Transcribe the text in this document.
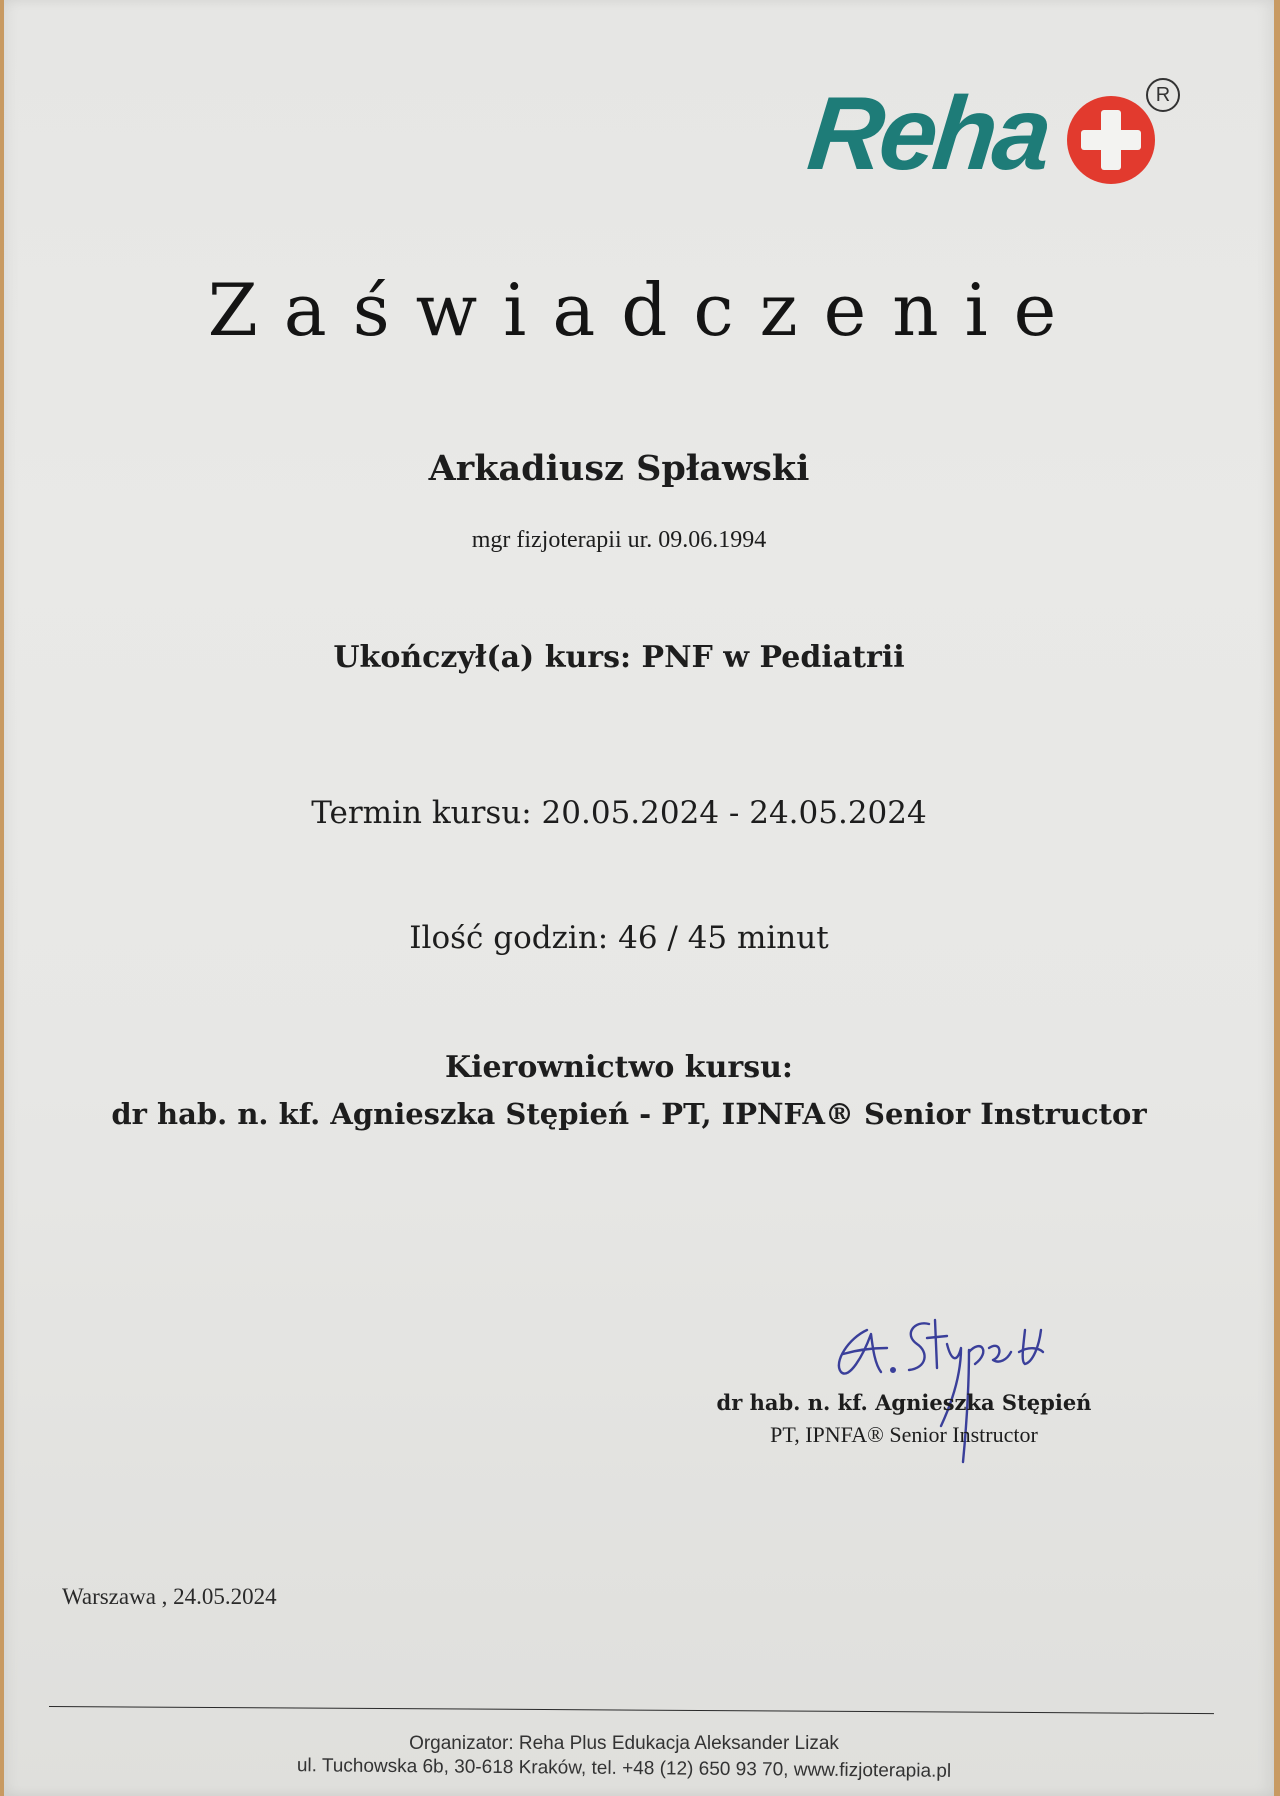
Reha	R
Zaświadczenie
Arkadiusz Spławski
mgr fizjoterapii ur. 09.06.1994
Ukończył(a) kurs: PNF w Pediatrii
Termin kursu: 20.05.2024 - 24.05.2024
Ilość godzin: 46 / 45 minut
Kierownictwo kursu:
dr hab. n. kf. Agnieszka Stępień - PT, IPNFA® Senior Instructor
dr hab. n. kf. Agnieszka Stępień
PT, IPNFA® Senior Instructor
Warszawa , 24.05.2024
Organizator: Reha Plus Edukacja Aleksander Lizak
ul. Tuchowska 6b, 30-618 Kraków, tel. +48 (12) 650 93 70, www.fizjoterapia.pl
